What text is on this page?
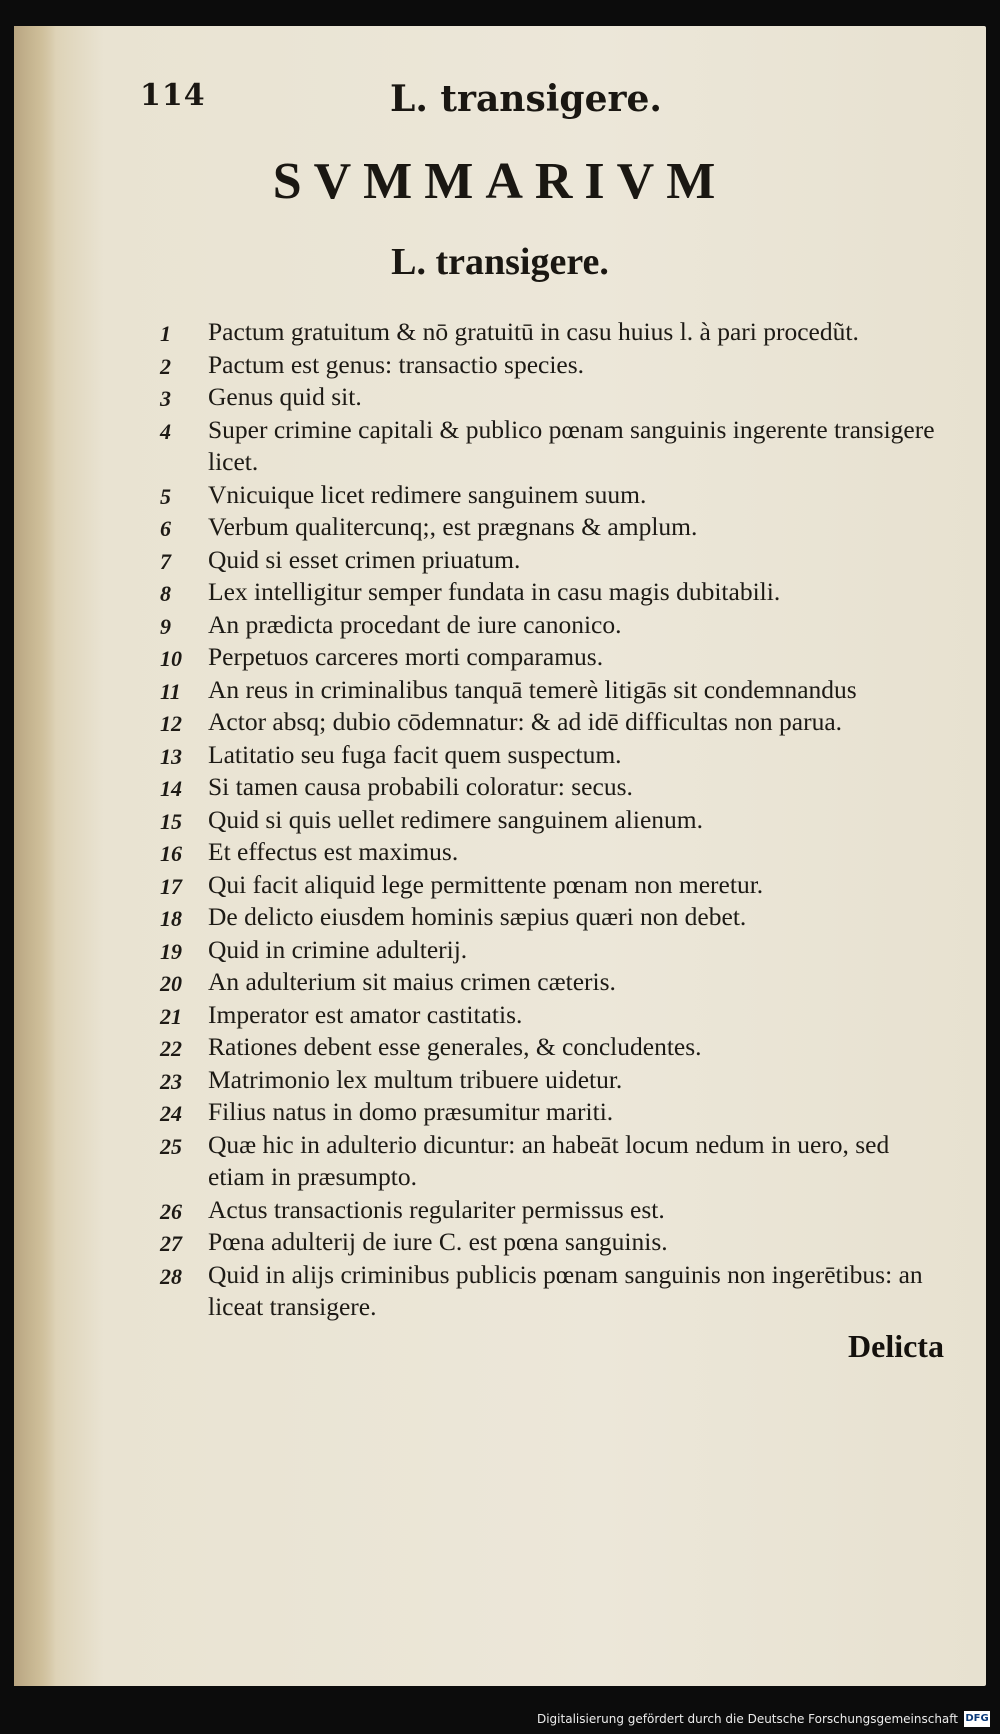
114	L. transigere.
SVMMARIVM
L. transigere.
1	Pactum gratuitum & nō gratuitū in casu huius l. à pari procedũt.
2	Pactum est genus: transactio species.
3	Genus quid sit.
4	Super crimine capitali & publico pœnam sanguinis ingerente transigere licet.
5	Vnicuique licet redimere sanguinem suum.
6	Verbum qualitercunq;, est prægnans & amplum.
7	Quid si esset crimen priuatum.
8	Lex intelligitur semper fundata in casu magis dubitabili.
9	An prædicta procedant de iure canonico.
10	Perpetuos carceres morti comparamus.
11	An reus in criminalibus tanquā temerè litigās sit condemnandus
12	Actor absq; dubio cōdemnatur: & ad idē difficultas non parua.
13	Latitatio seu fuga facit quem suspectum.
14	Si tamen causa probabili coloratur: secus.
15	Quid si quis uellet redimere sanguinem alienum.
16	Et effectus est maximus.
17	Qui facit aliquid lege permittente pœnam non meretur.
18	De delicto eiusdem hominis sæpius quæri non debet.
19	Quid in crimine adulterij.
20	An adulterium sit maius crimen cæteris.
21	Imperator est amator castitatis.
22	Rationes debent esse generales, & concludentes.
23	Matrimonio lex multum tribuere uidetur.
24	Filius natus in domo præsumitur mariti.
25	Quæ hic in adulterio dicuntur: an habeāt locum nedum in uero, sed etiam in præsumpto.
26	Actus transactionis regulariter permissus est.
27	Pœna adulterij de iure C. est pœna sanguinis.
28	Quid in alijs criminibus publicis pœnam sanguinis non ingerētibus: an liceat transigere.
Delicta
Digitalisierung gefördert durch die Deutsche Forschungsgemeinschaft DFG
